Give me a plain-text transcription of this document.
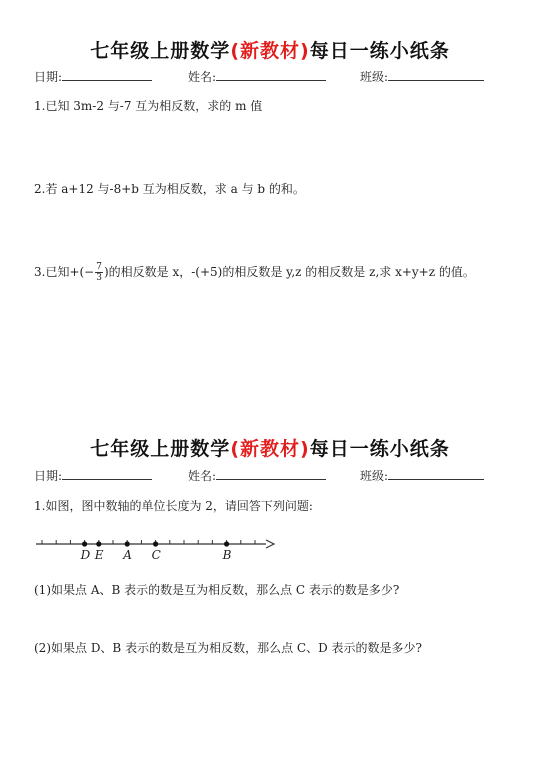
七年级上册数学(新教材)每日一练小纸条
日期:	姓名:	班级:
1.已知 3m-2 与-7 互为相反数，求的 m 值
2.若 a+12 与-8+b 互为相反数，求 a 与 b 的和。
3.已知+(− $\frac{7}{3}$ )的相反数是 x，-(+5)的相反数是 y,z 的相反数是 z,求 x+y+z 的值。
七年级上册数学(新教材)每日一练小纸条
日期:	姓名:	班级:
1.如图，图中数轴的单位长度为 2，请回答下列问题:
D E A C	B
(1)如果点 A、B 表示的数是互为相反数，那么点 C 表示的数是多少?
(2)如果点 D、B 表示的数是互为相反数，那么点 C、D 表示的数是多少?
